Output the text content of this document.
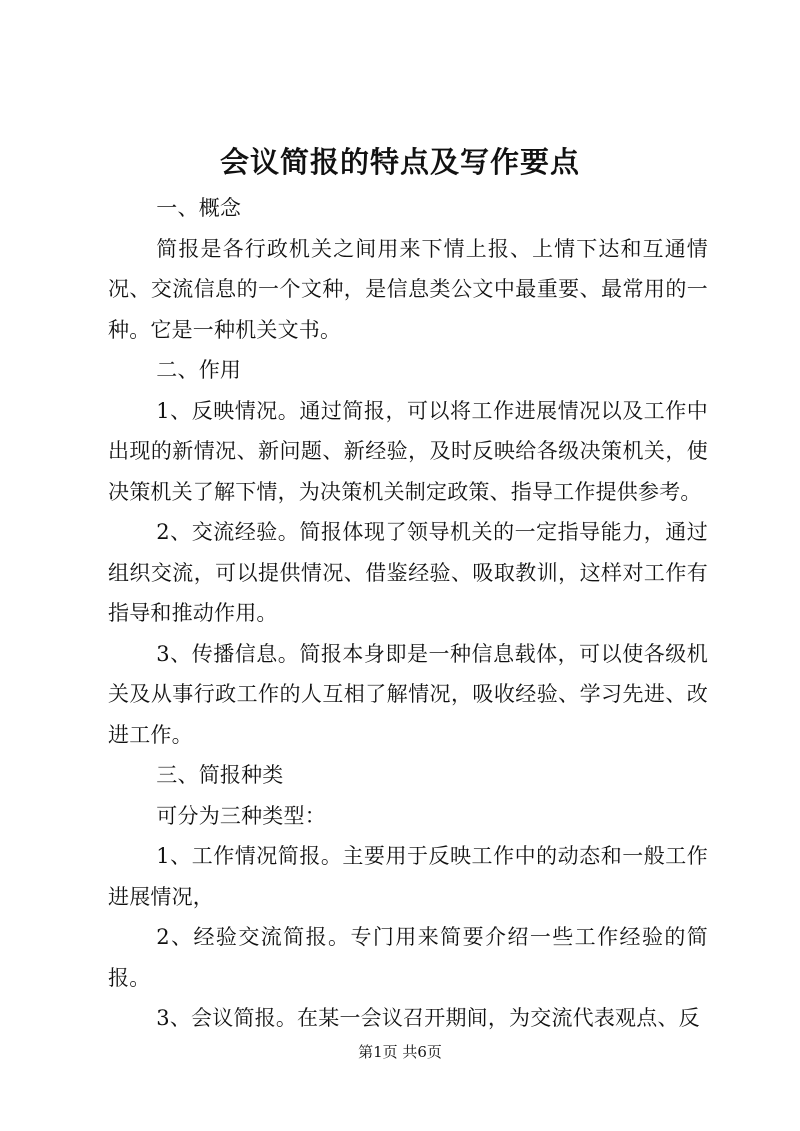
会议简报的特点及写作要点

一、概念

简报是各行政机关之间用来下情上报、上情下达和互通情况、交流信息的一个文种，是信息类公文中最重要、最常用的一种。它是一种机关文书。

二、作用

1、反映情况。通过简报，可以将工作进展情况以及工作中出现的新情况、新问题、新经验，及时反映给各级决策机关，使决策机关了解下情，为决策机关制定政策、指导工作提供参考。

2、交流经验。简报体现了领导机关的一定指导能力，通过组织交流，可以提供情况、借鉴经验、吸取教训，这样对工作有指导和推动作用。

3、传播信息。简报本身即是一种信息载体，可以使各级机关及从事行政工作的人互相了解情况，吸收经验、学习先进、改进工作。

三、简报种类

可分为三种类型：

1、工作情况简报。主要用于反映工作中的动态和一般工作进展情况，

2、经验交流简报。专门用来简要介绍一些工作经验的简报。

3、会议简报。在某一会议召开期间，为交流代表观点、反

第1页 共6页
